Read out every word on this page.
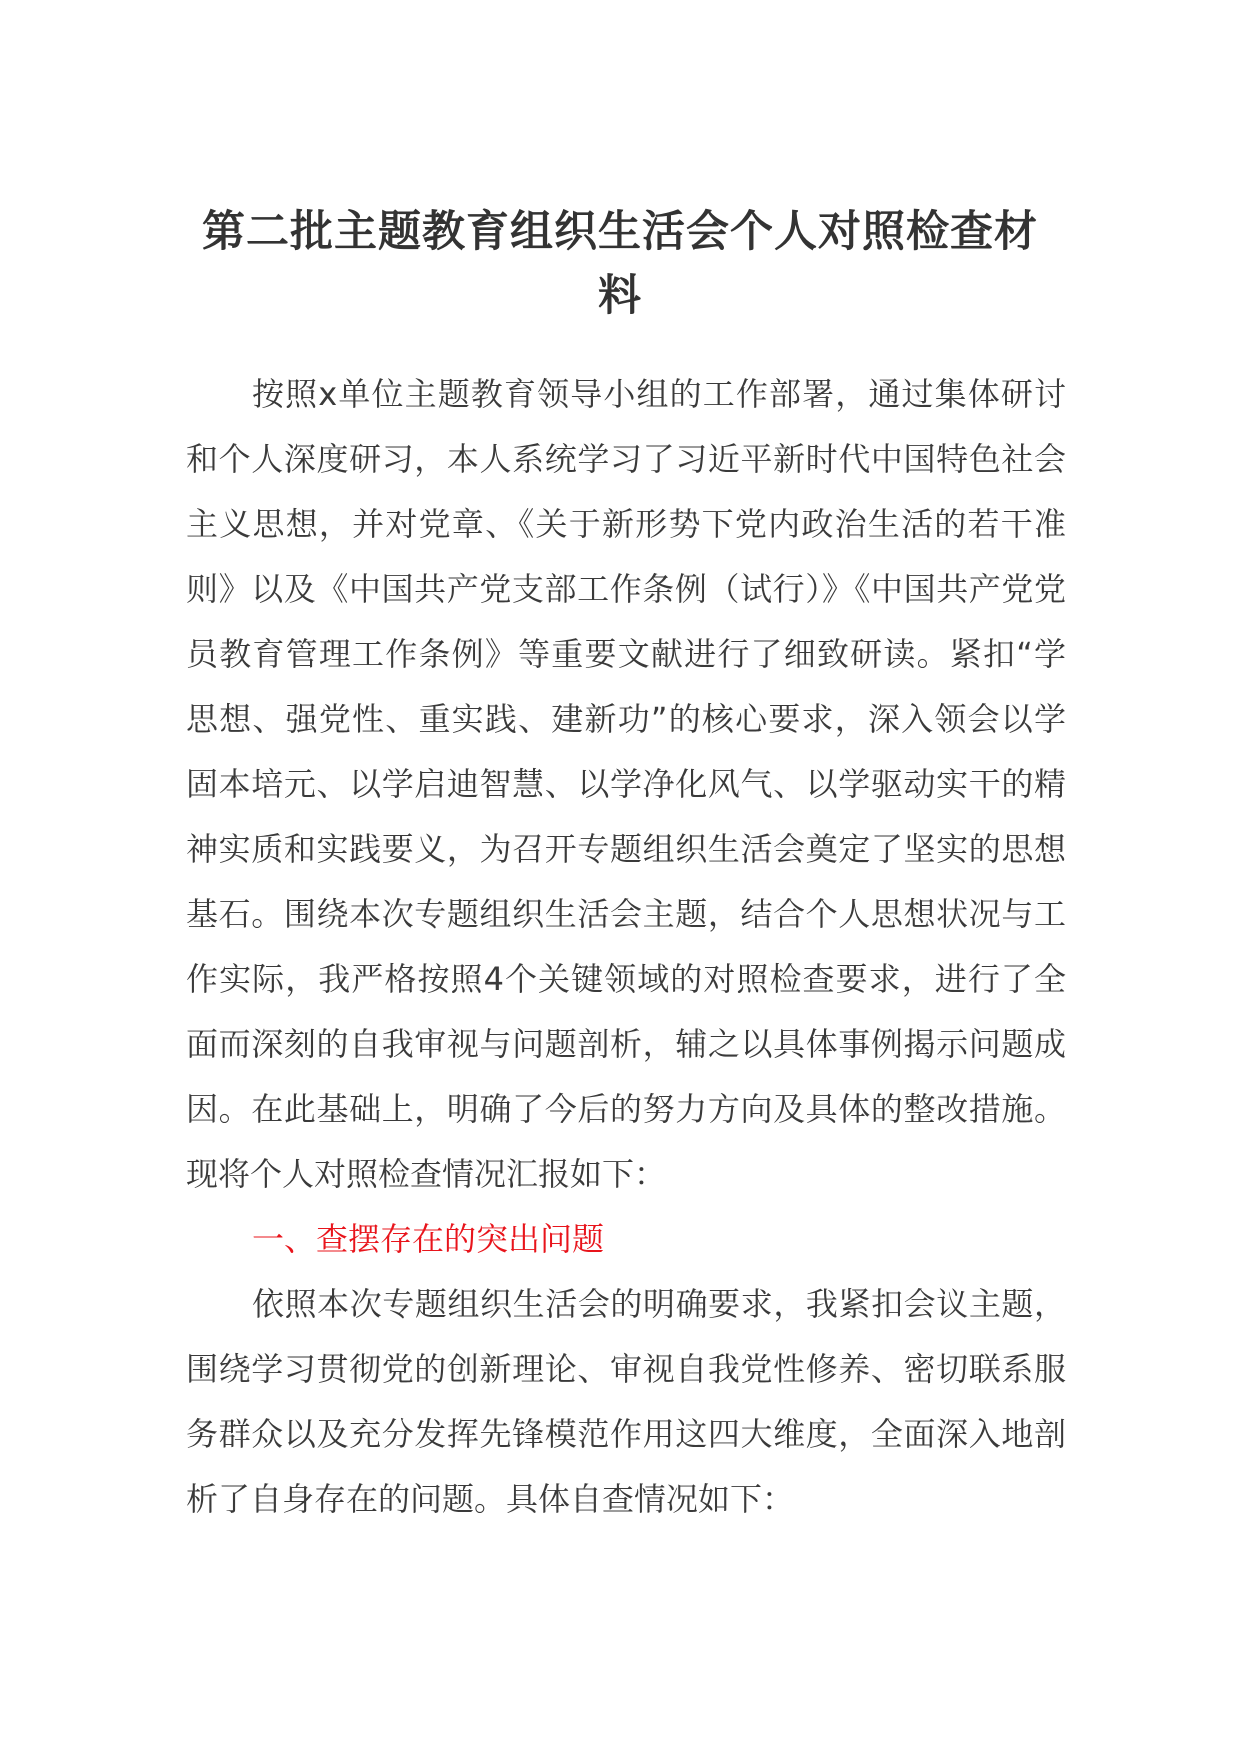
第二批主题教育组织生活会个人对照检查材料

按照x单位主题教育领导小组的工作部署，通过集体研讨和个人深度研习，本人系统学习了习近平新时代中国特色社会主义思想，并对党章、《关于新形势下党内政治生活的若干准则》以及《中国共产党支部工作条例（试行）》《中国共产党党员教育管理工作条例》等重要文献进行了细致研读。紧扣“学思想、强党性、重实践、建新功”的核心要求，深入领会以学固本培元、以学启迪智慧、以学净化风气、以学驱动实干的精神实质和实践要义，为召开专题组织生活会奠定了坚实的思想基石。围绕本次专题组织生活会主题，结合个人思想状况与工作实际，我严格按照4个关键领域的对照检查要求，进行了全面而深刻的自我审视与问题剖析，辅之以具体事例揭示问题成因。在此基础上，明确了今后的努力方向及具体的整改措施。现将个人对照检查情况汇报如下：

一、查摆存在的突出问题

依照本次专题组织生活会的明确要求，我紧扣会议主题，围绕学习贯彻党的创新理论、审视自我党性修养、密切联系服务群众以及充分发挥先锋模范作用这四大维度，全面深入地剖析了自身存在的问题。具体自查情况如下：
